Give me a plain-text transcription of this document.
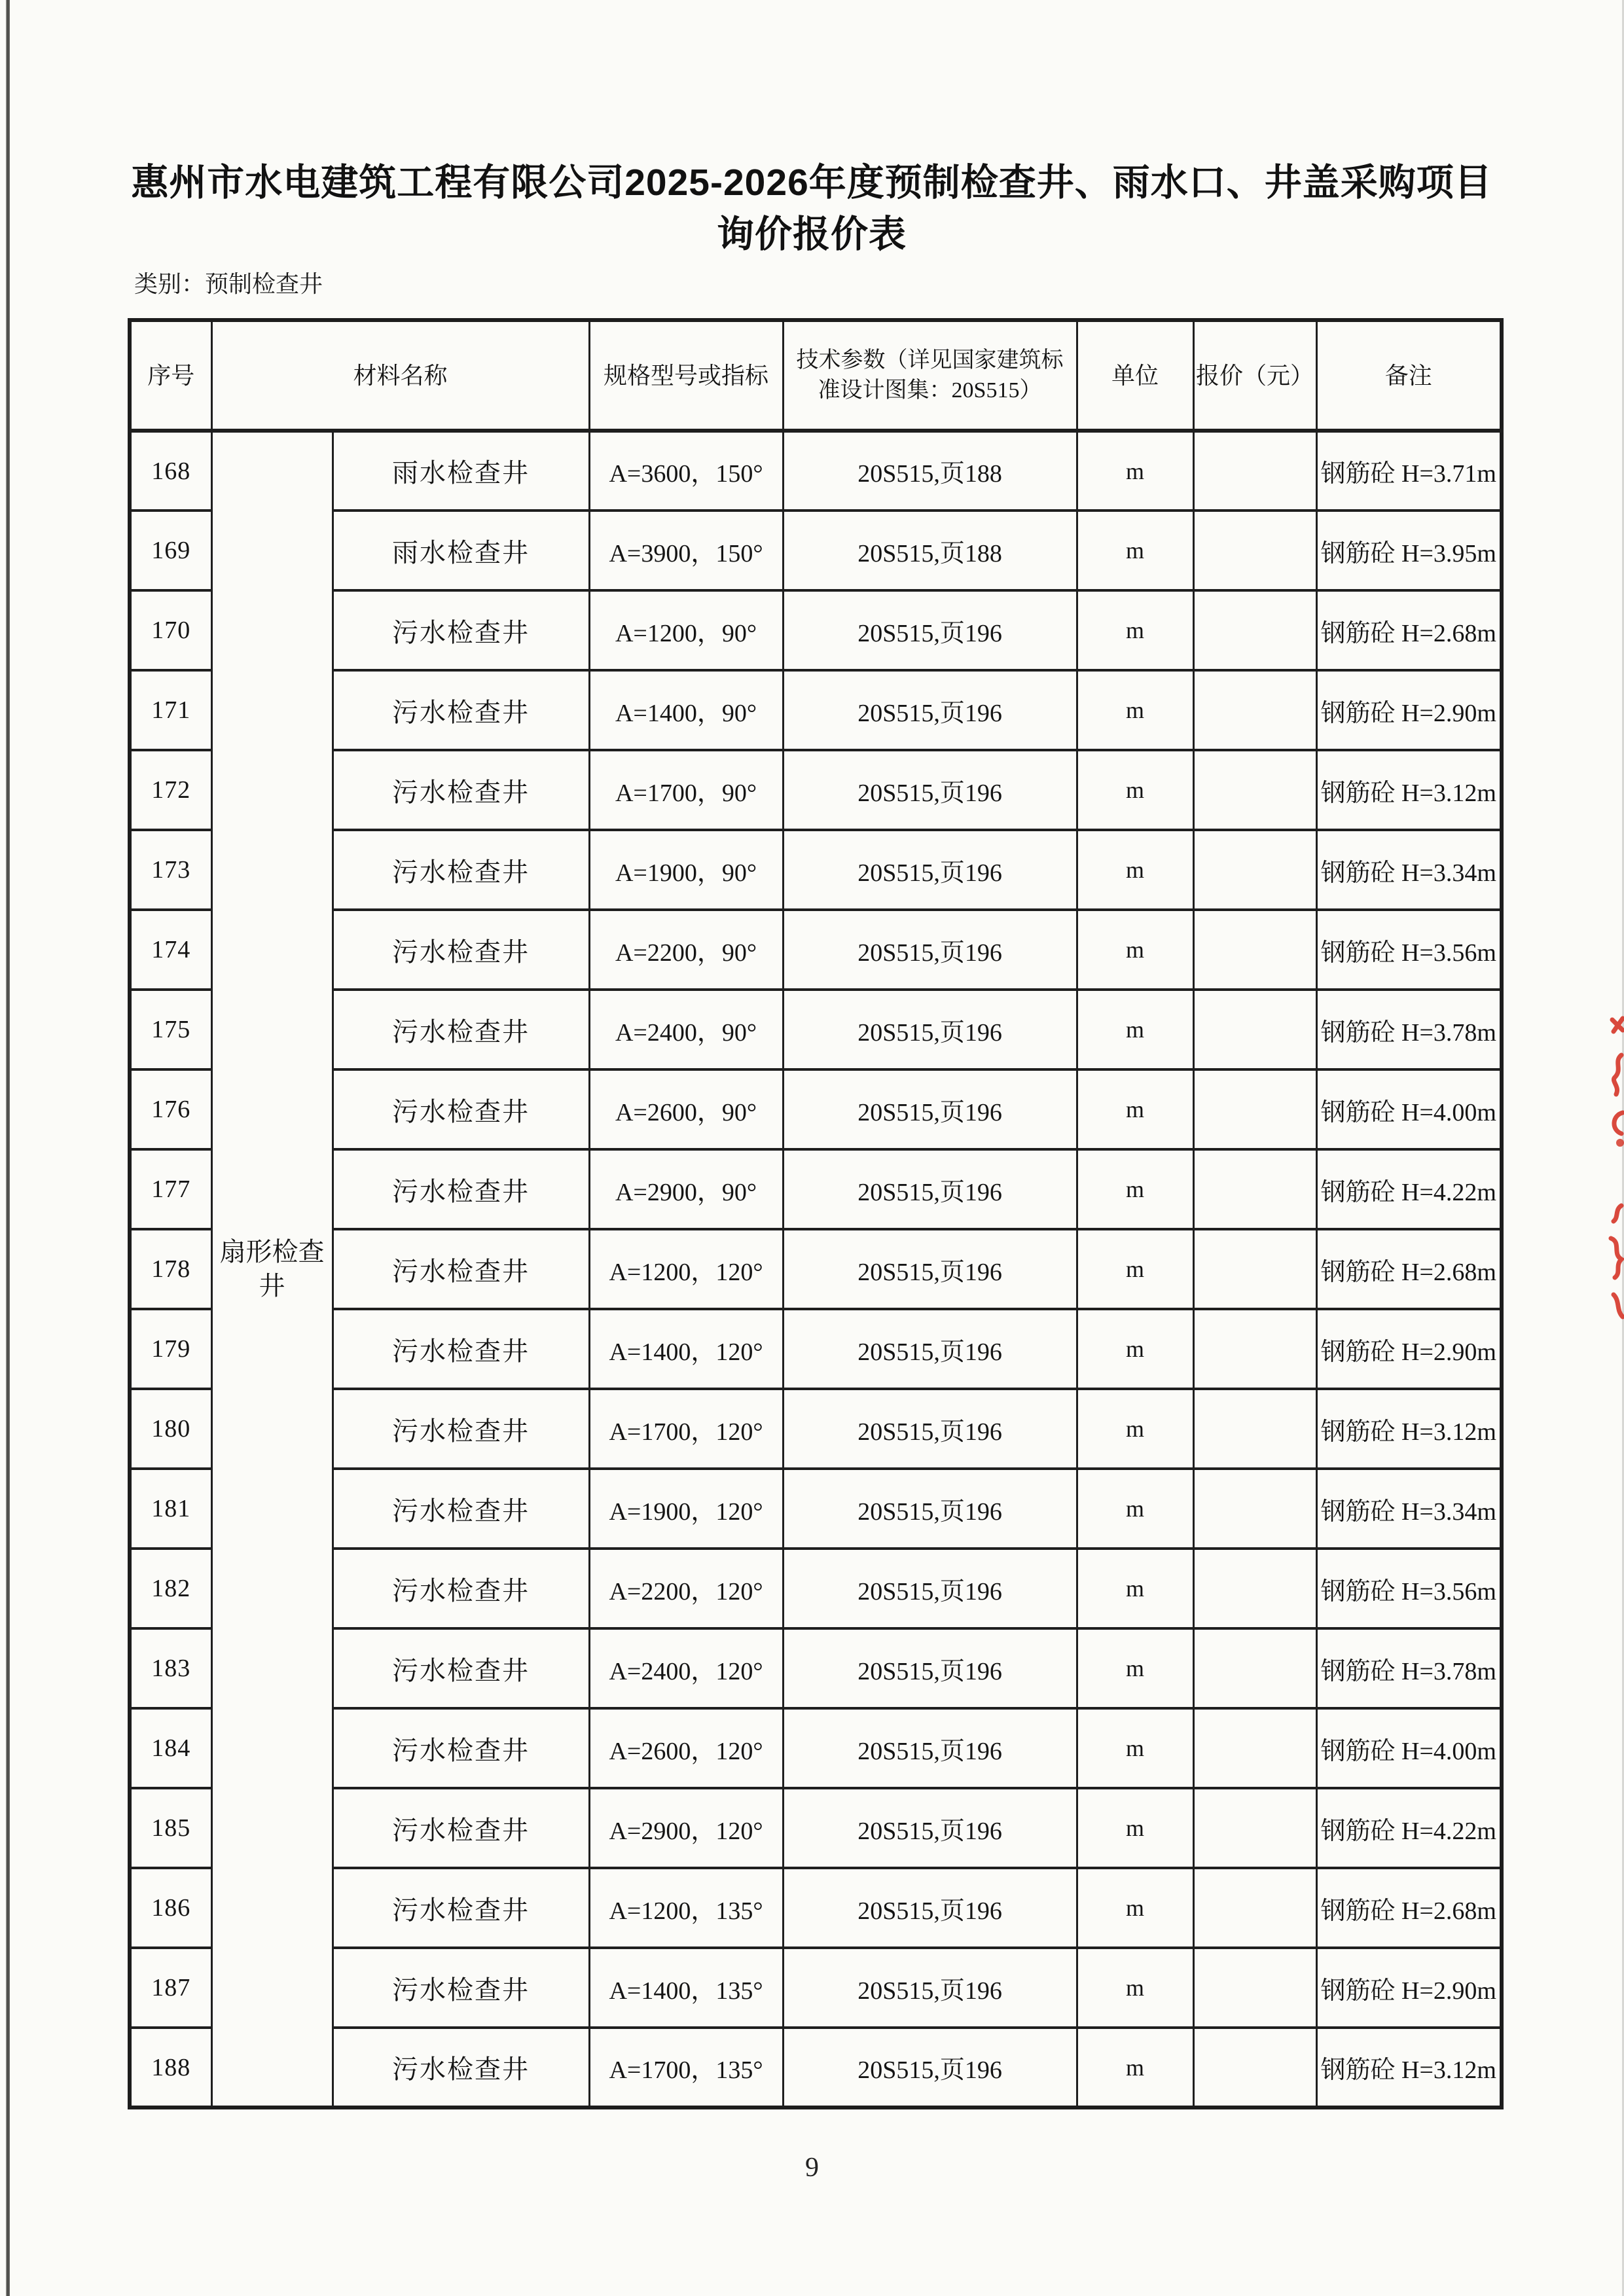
惠州市水电建筑工程有限公司2025-2026年度预制检查井、雨水口、井盖采购项目
询价报价表
类别：预制检查井
序号	材料名称		规格型号或指标	技术参数（详见国家建筑标准设计图集：20S515）	单位	报价（元）	备注
168	扇形检查井	雨水检查井	A=3600，150°	20S515,页188	m		钢筋砼 H=3.71m
169		雨水检查井	A=3900，150°	20S515,页188	m		钢筋砼 H=3.95m
170		污水检查井	A=1200，90°	20S515,页196	m		钢筋砼 H=2.68m
171		污水检查井	A=1400，90°	20S515,页196	m		钢筋砼 H=2.90m
172		污水检查井	A=1700，90°	20S515,页196	m		钢筋砼 H=3.12m
173		污水检查井	A=1900，90°	20S515,页196	m		钢筋砼 H=3.34m
174		污水检查井	A=2200，90°	20S515,页196	m		钢筋砼 H=3.56m
175		污水检查井	A=2400，90°	20S515,页196	m		钢筋砼 H=3.78m
176		污水检查井	A=2600，90°	20S515,页196	m		钢筋砼 H=4.00m
177		污水检查井	A=2900，90°	20S515,页196	m		钢筋砼 H=4.22m
178		污水检查井	A=1200，120°	20S515,页196	m		钢筋砼 H=2.68m
179		污水检查井	A=1400，120°	20S515,页196	m		钢筋砼 H=2.90m
180		污水检查井	A=1700，120°	20S515,页196	m		钢筋砼 H=3.12m
181		污水检查井	A=1900，120°	20S515,页196	m		钢筋砼 H=3.34m
182		污水检查井	A=2200，120°	20S515,页196	m		钢筋砼 H=3.56m
183		污水检查井	A=2400，120°	20S515,页196	m		钢筋砼 H=3.78m
184		污水检查井	A=2600，120°	20S515,页196	m		钢筋砼 H=4.00m
185		污水检查井	A=2900，120°	20S515,页196	m		钢筋砼 H=4.22m
186		污水检查井	A=1200，135°	20S515,页196	m		钢筋砼 H=2.68m
187		污水检查井	A=1400，135°	20S515,页196	m		钢筋砼 H=2.90m
188		污水检查井	A=1700，135°	20S515,页196	m		钢筋砼 H=3.12m
9
